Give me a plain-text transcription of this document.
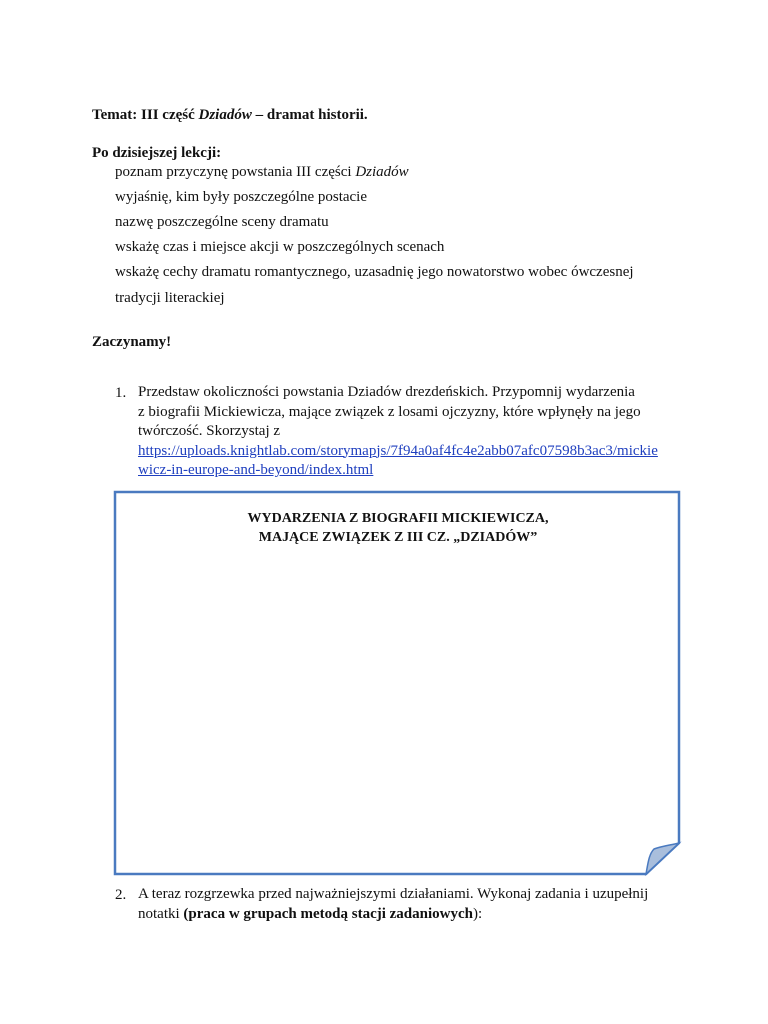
Temat: III część Dziadów – dramat historii.
Po dzisiejszej lekcji:
poznam przyczynę powstania III części Dziadów
wyjaśnię, kim były poszczególne postacie
nazwę poszczególne sceny dramatu
wskażę czas i miejsce akcji w poszczególnych scenach
wskażę cechy dramatu romantycznego, uzasadnię jego nowatorstwo wobec ówczesnej
tradycji literackiej
Zaczynamy!
1. Przedstaw okoliczności powstania Dziadów drezdeńskich. Przypomnij wydarzenia
z biografii Mickiewicza, mające związek z losami ojczyzny, które wpłynęły na jego
twórczość. Skorzystaj z
https://uploads.knightlab.com/storymapjs/7f94a0af4fc4e2abb07afc07598b3ac3/mickie
wicz-in-europe-and-beyond/index.html
WYDARZENIA Z BIOGRAFII MICKIEWICZA,
MAJĄCE ZWIĄZEK Z III CZ. „DZIADÓW”
2. A teraz rozgrzewka przed najważniejszymi działaniami. Wykonaj zadania i uzupełnij
notatki (praca w grupach metodą stacji zadaniowych):
